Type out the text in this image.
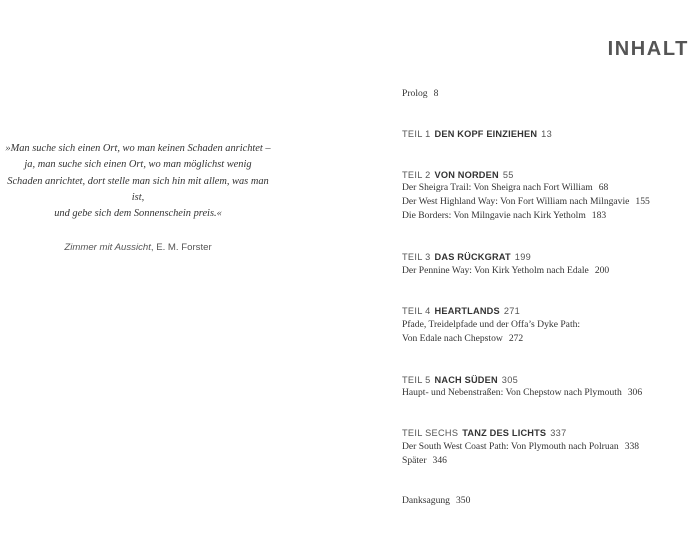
»Man suche sich einen Ort, wo man keinen Schaden anrichtet –

ja, man suche sich einen Ort, wo man möglichst wenig

Schaden anrichtet, dort stelle man sich hin mit allem, was man ist,

und gebe sich dem Sonnenschein preis.«

Zimmer mit Aussicht, E. M. Forster
INHALT
Prolog 8
TEIL 1 DEN KOPF EINZIEHEN 13
TEIL 2 VON NORDEN 55
Der Sheigra Trail: Von Sheigra nach Fort William 68
Der West Highland Way: Von Fort William nach Milngavie 155
Die Borders: Von Milngavie nach Kirk Yetholm 183
TEIL 3 DAS RÜCKGRAT 199
Der Pennine Way: Von Kirk Yetholm nach Edale 200
TEIL 4 HEARTLANDS 271
Pfade, Treidelpfade und der Offa’s Dyke Path:
Von Edale nach Chepstow 272
TEIL 5 NACH SÜDEN 305
Haupt- und Nebenstraßen: Von Chepstow nach Plymouth 306
TEIL SECHS TANZ DES LICHTS 337
Der South West Coast Path: Von Plymouth nach Polruan 338
Später 346
Danksagung 350
